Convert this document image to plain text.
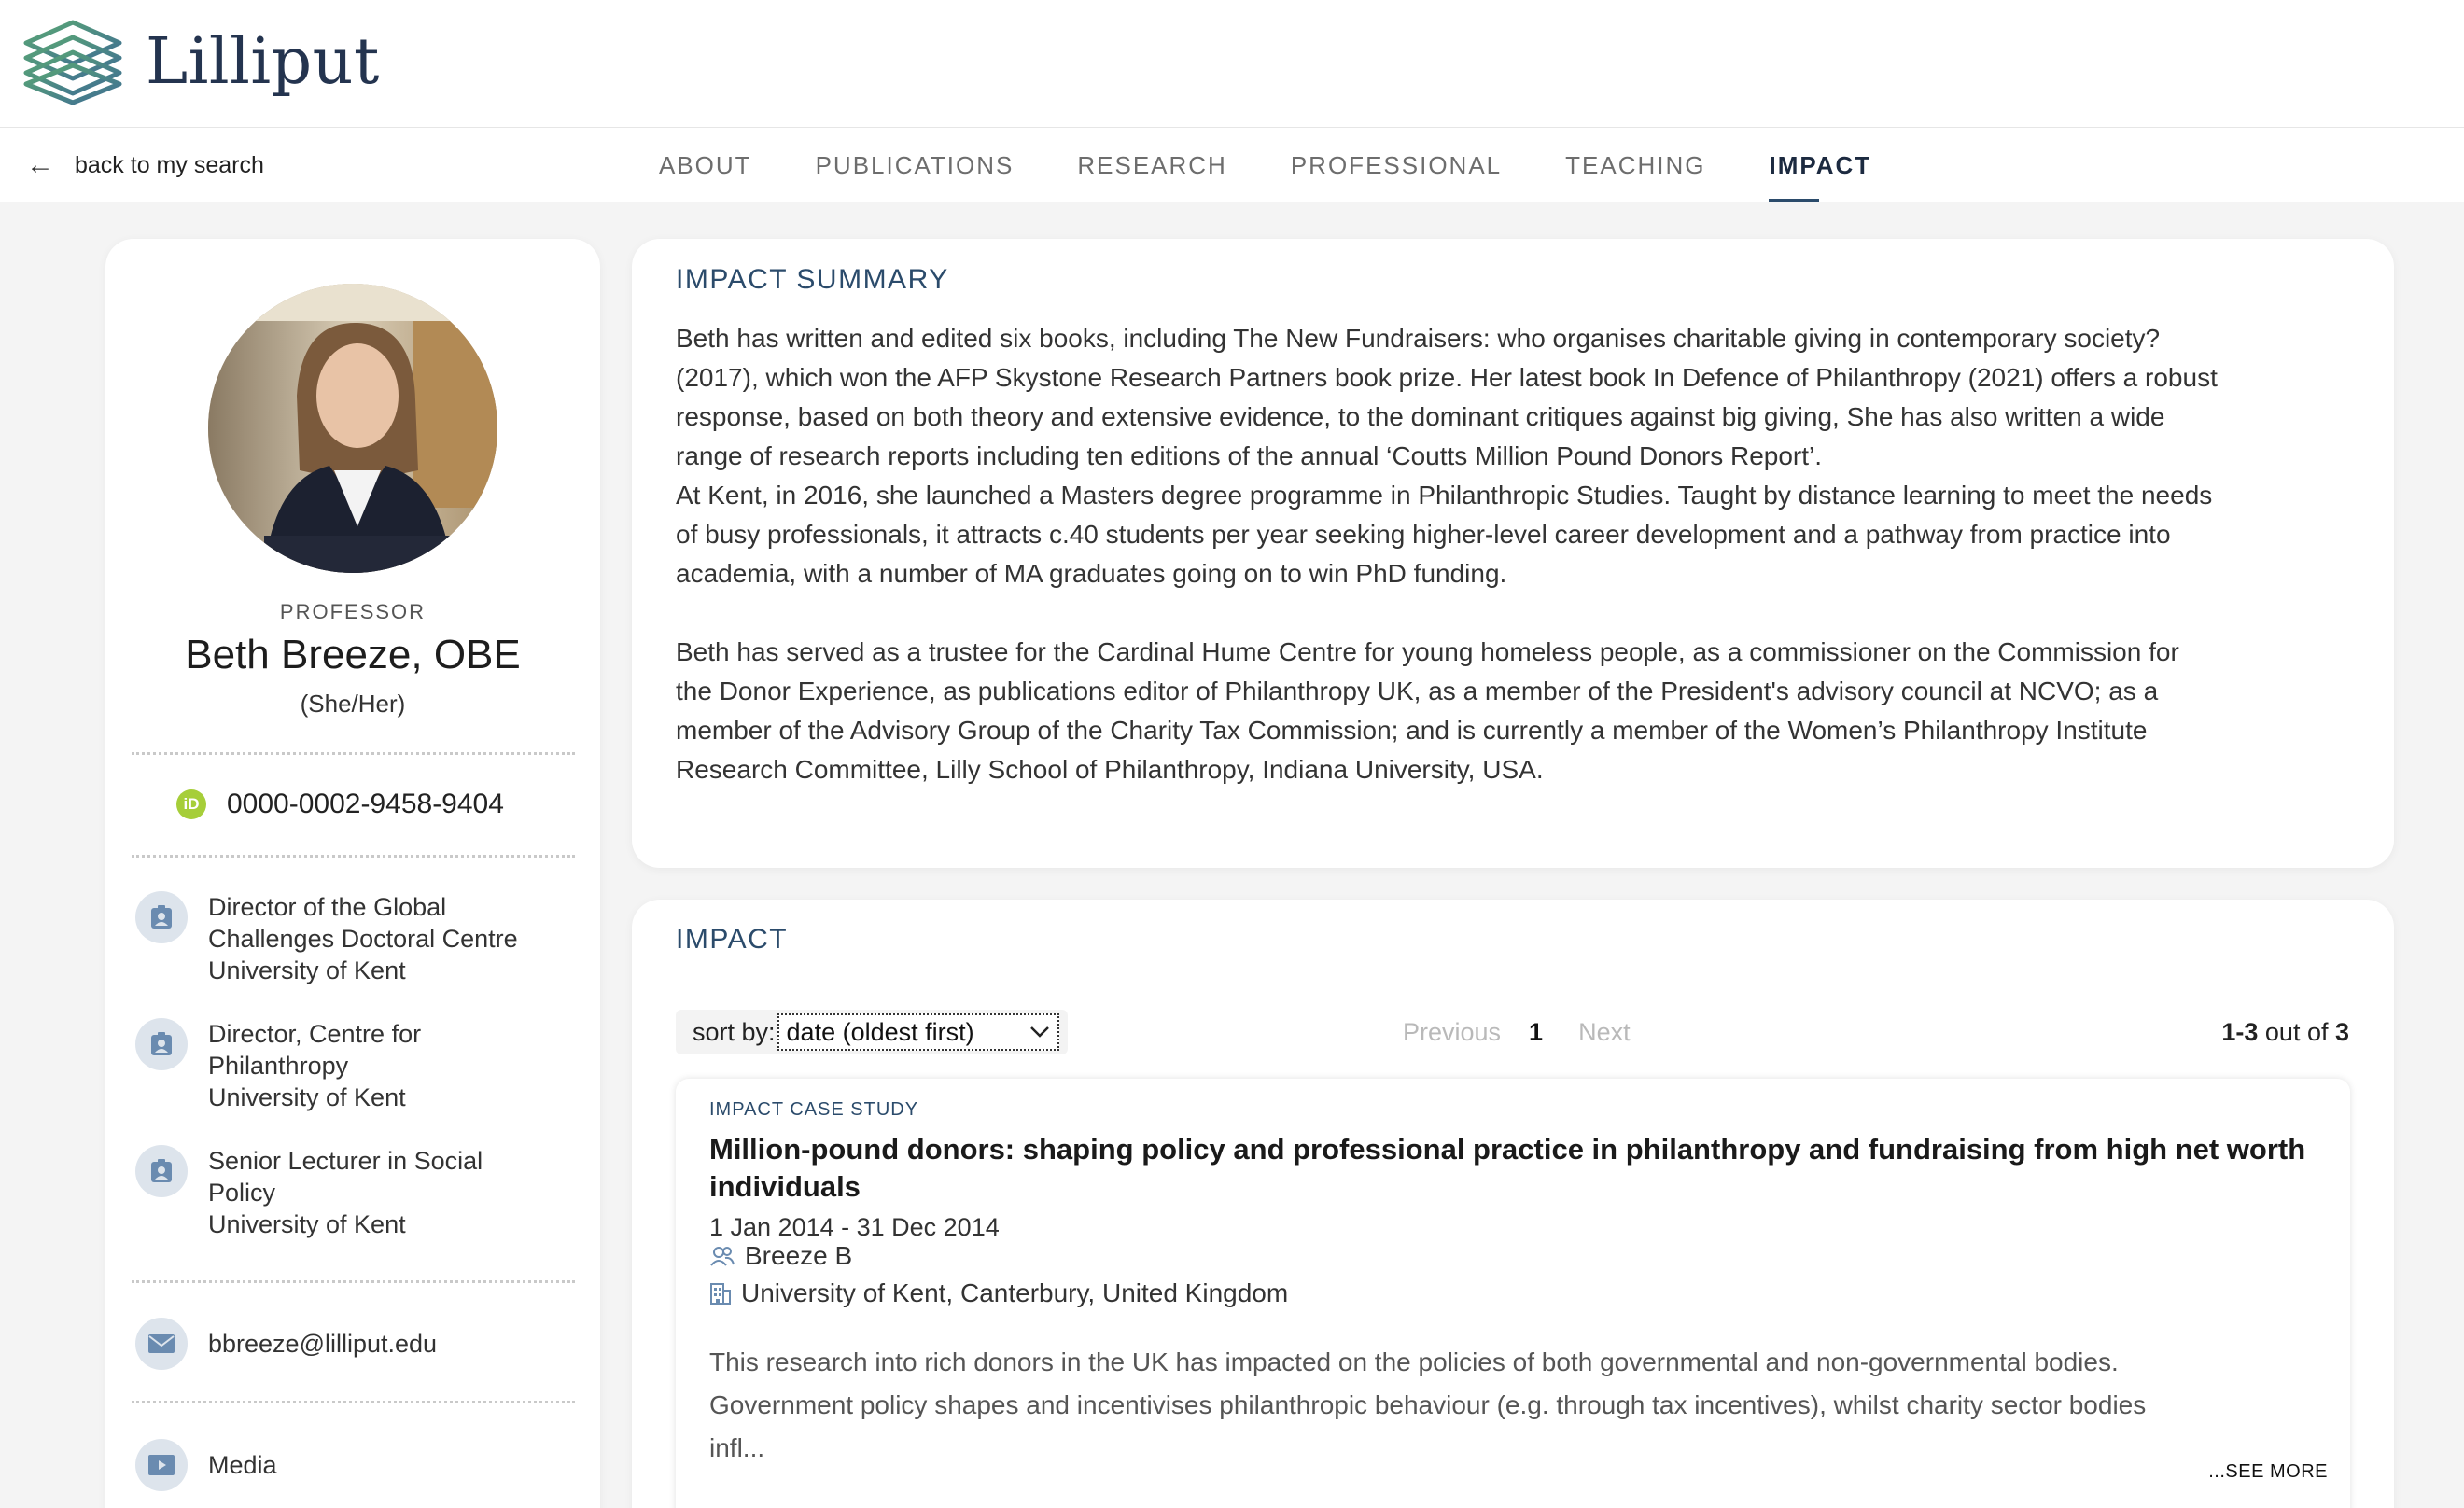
Lilliput
← back to my search	ABOUT	PUBLICATIONS	RESEARCH	PROFESSIONAL	TEACHING	IMPACT
PROFESSOR
Beth Breeze, OBE
(She/Her)
iD 0000-0002-9458-9404
Director of the Global
Challenges Doctoral Centre
University of Kent
Director, Centre for
Philanthropy
University of Kent
Senior Lecturer in Social
Policy
University of Kent
bbreeze@lilliput.edu
Media
IMPACT SUMMARY
Beth has written and edited six books, including The New Fundraisers: who organises charitable giving in contemporary society?
(2017), which won the AFP Skystone Research Partners book prize. Her latest book In Defence of Philanthropy (2021) offers a robust
response, based on both theory and extensive evidence, to the dominant critiques against big giving, She has also written a wide
range of research reports including ten editions of the annual ‘Coutts Million Pound Donors Report’.
At Kent, in 2016, she launched a Masters degree programme in Philanthropic Studies. Taught by distance learning to meet the needs
of busy professionals, it attracts c.40 students per year seeking higher-level career development and a pathway from practice into
academia, with a number of MA graduates going on to win PhD funding.
Beth has served as a trustee for the Cardinal Hume Centre for young homeless people, as a commissioner on the Commission for
the Donor Experience, as publications editor of Philanthropy UK, as a member of the President's advisory council at NCVO; as a
member of the Advisory Group of the Charity Tax Commission; and is currently a member of the Women’s Philanthropy Institute
Research Committee, Lilly School of Philanthropy, Indiana University, USA.
IMPACT
sort by: date (oldest first)	Previous 1 Next	1-3 out of 3
IMPACT CASE STUDY
Million-pound donors: shaping policy and professional practice in philanthropy and fundraising from high net worth individuals
1 Jan 2014 - 31 Dec 2014
Breeze B
University of Kent, Canterbury, United Kingdom
This research into rich donors in the UK has impacted on the policies of both governmental and non-governmental bodies.
Government policy shapes and incentivises philanthropic behaviour (e.g. through tax incentives), whilst charity sector bodies
infl...
...SEE MORE
